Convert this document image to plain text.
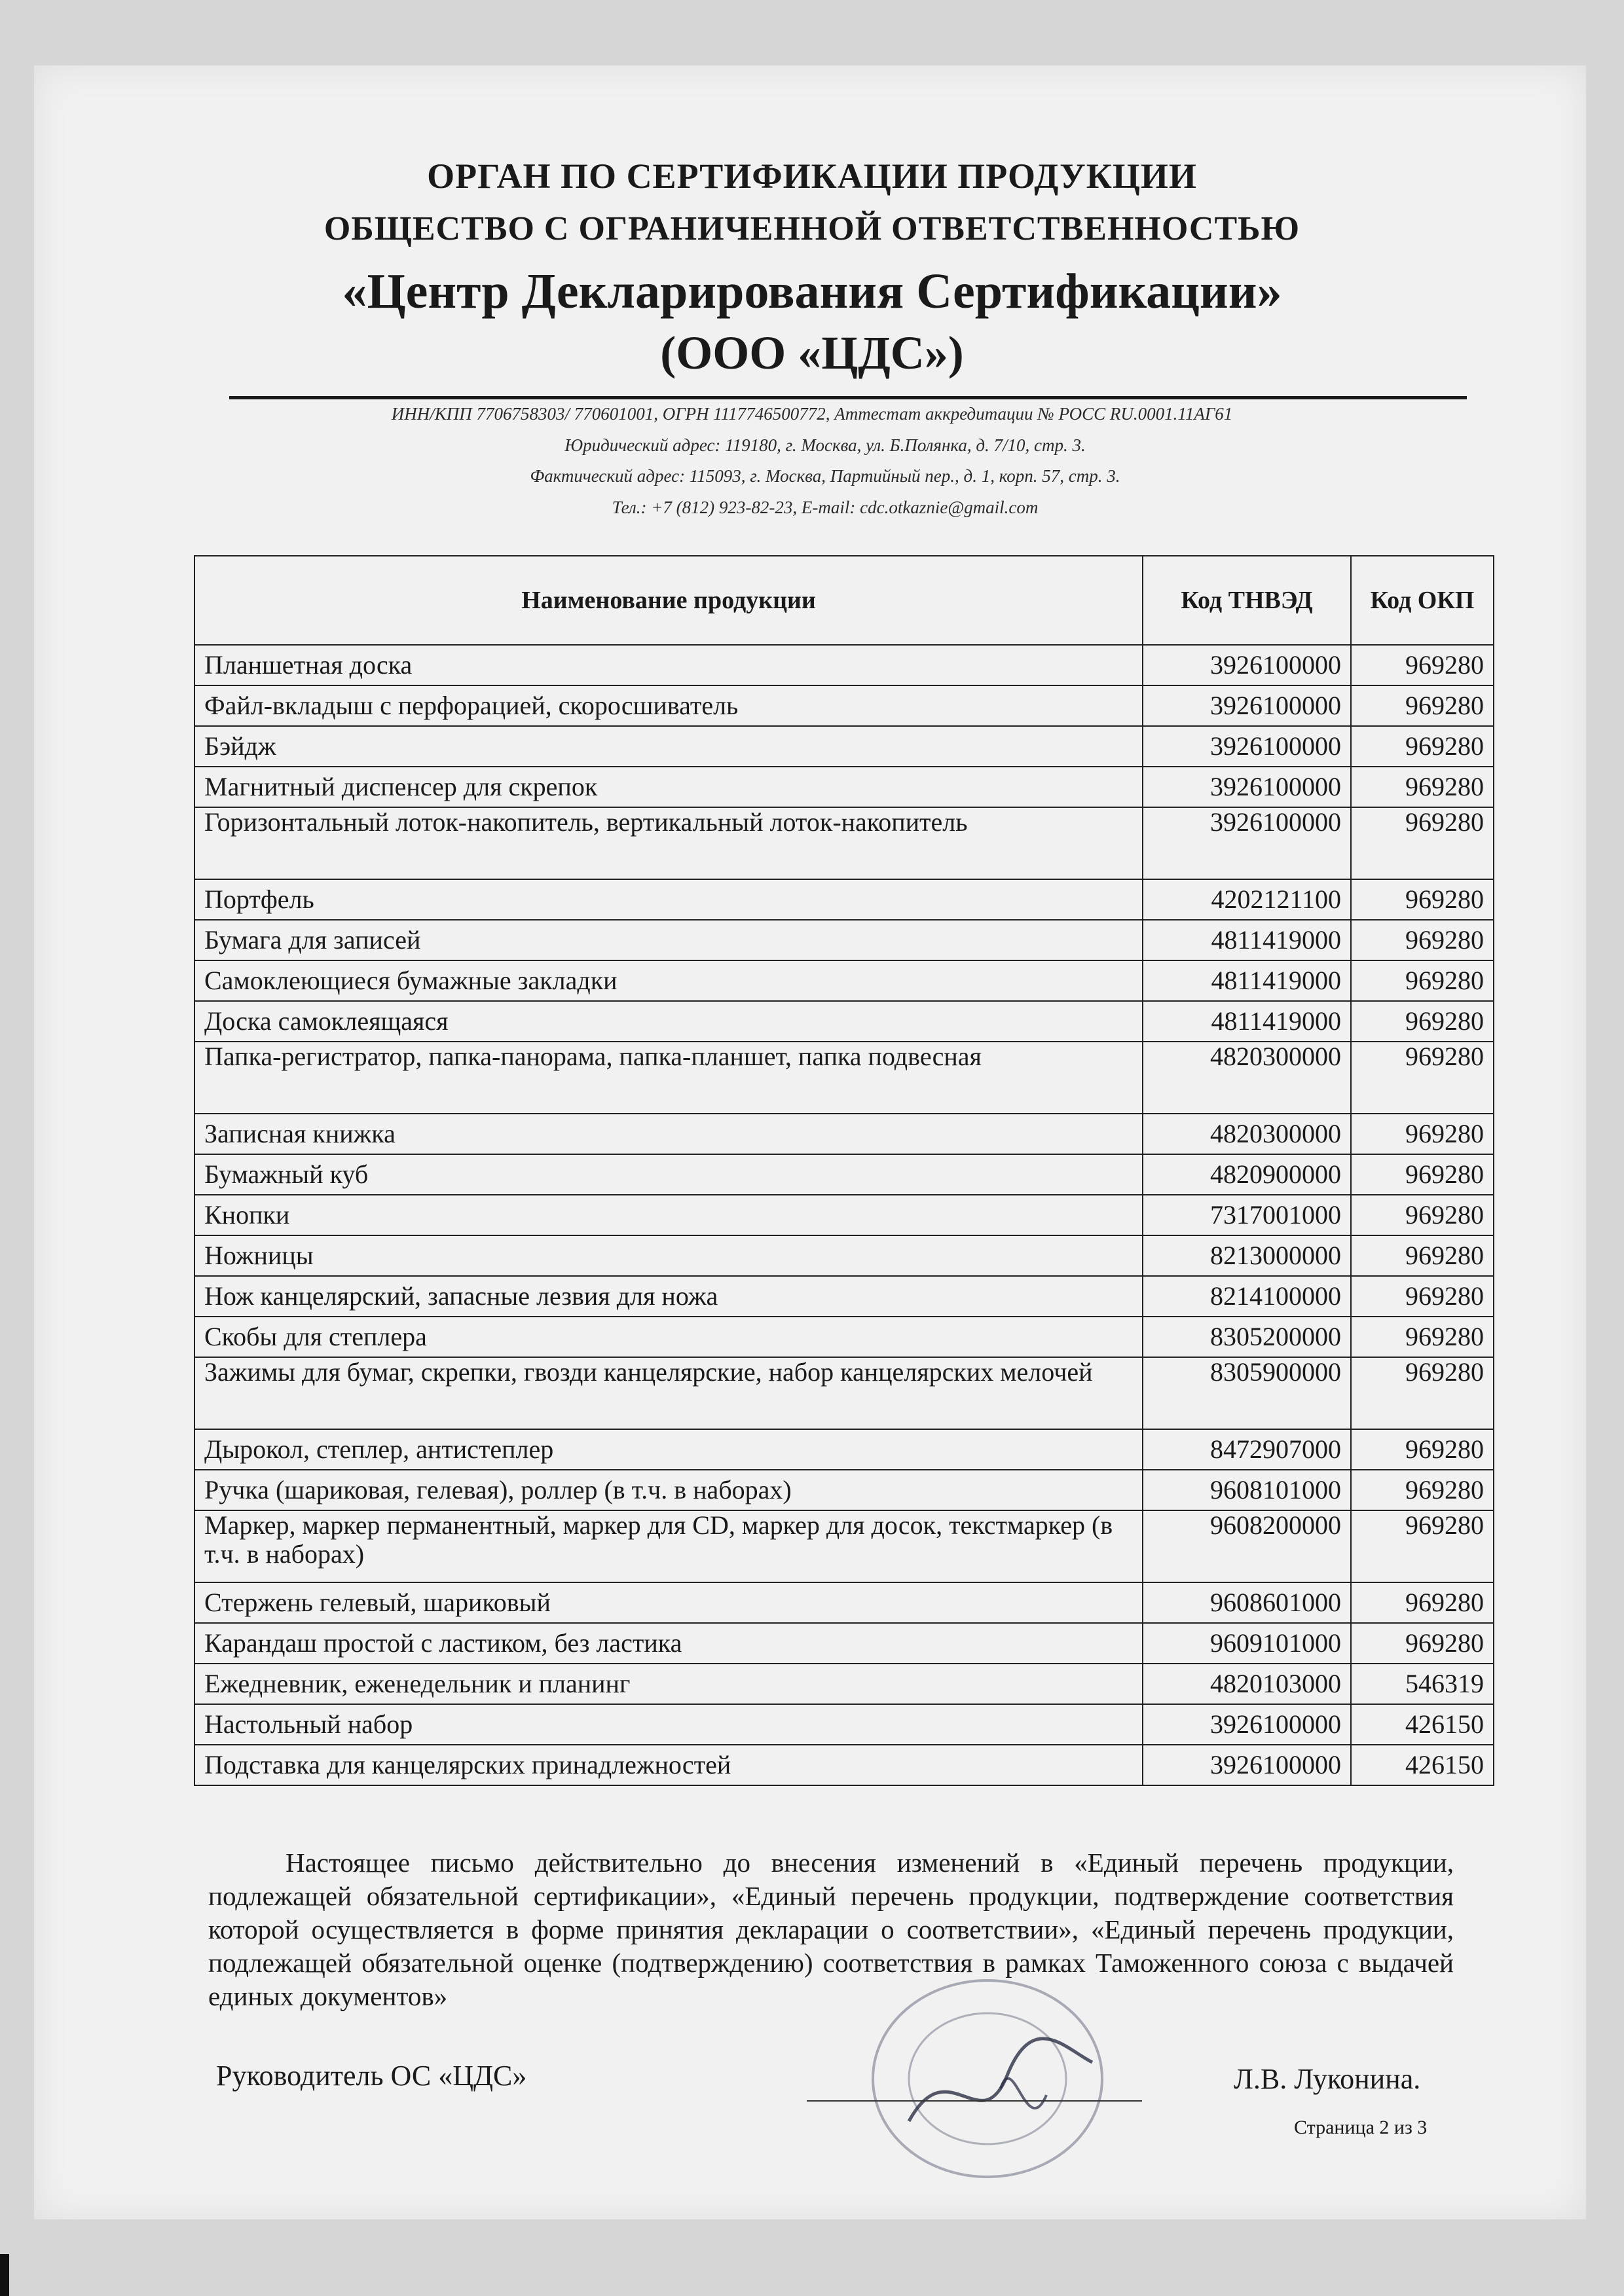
ОРГАН ПО СЕРТИФИКАЦИИ ПРОДУКЦИИ
ОБЩЕСТВО С ОГРАНИЧЕННОЙ ОТВЕТСТВЕННОСТЬЮ
«Центр Декларирования Сертификации»
(ООО «ЦДС»)
ИНН/КПП 7706758303/ 770601001, ОГРН 1117746500772, Аттестат аккредитации № РОСС RU.0001.11АГ61
Юридический адрес: 119180, г. Москва, ул. Б.Полянка, д. 7/10, стр. 3.
Фактический адрес: 115093, г. Москва, Партийный пер., д. 1, корп. 57, стр. 3.
Тел.: +7 (812) 923-82-23, E-mail: cdc.otkaznie@gmail.com
Наименование продукции	Код ТНВЭД	Код ОКП
Планшетная доска	3926100000	969280
Файл-вкладыш с перфорацией, скоросшиватель	3926100000	969280
Бэйдж	3926100000	969280
Магнитный диспенсер для скрепок	3926100000	969280
Горизонтальный лоток-накопитель, вертикальный лоток-накопитель	3926100000	969280
Портфель	4202121100	969280
Бумага для записей	4811419000	969280
Самоклеющиеся бумажные закладки	4811419000	969280
Доска самоклеящаяся	4811419000	969280
Папка-регистратор, папка-панорама, папка-планшет, папка подвесная	4820300000	969280
Записная книжка	4820300000	969280
Бумажный куб	4820900000	969280
Кнопки	7317001000	969280
Ножницы	8213000000	969280
Нож канцелярский, запасные лезвия для ножа	8214100000	969280
Скобы для степлера	8305200000	969280
Зажимы для бумаг, скрепки, гвозди канцелярские, набор канцелярских мелочей	8305900000	969280
Дырокол, степлер, антистеплер	8472907000	969280
Ручка (шариковая, гелевая), роллер (в т.ч. в наборах)	9608101000	969280
Маркер, маркер перманентный, маркер для CD, маркер для досок, текстмаркер (в т.ч. в наборах)	9608200000	969280
Стержень гелевый, шариковый	9608601000	969280
Карандаш простой с ластиком, без ластика	9609101000	969280
Ежедневник, еженедельник и планинг	4820103000	546319
Настольный набор	3926100000	426150
Подставка для канцелярских принадлежностей	3926100000	426150
Настоящее письмо действительно до внесения изменений в «Единый перечень продукции, подлежащей обязательной сертификации», «Единый перечень продукции, подтверждение соответствия которой осуществляется в форме принятия декларации о соответствии», «Единый перечень продукции, подлежащей обязательной оценке (подтверждению) соответствия в рамках Таможенного союза с выдачей единых документов»
Руководитель ОС «ЦДС»	Л.В. Луконина.
Страница 2 из 3
